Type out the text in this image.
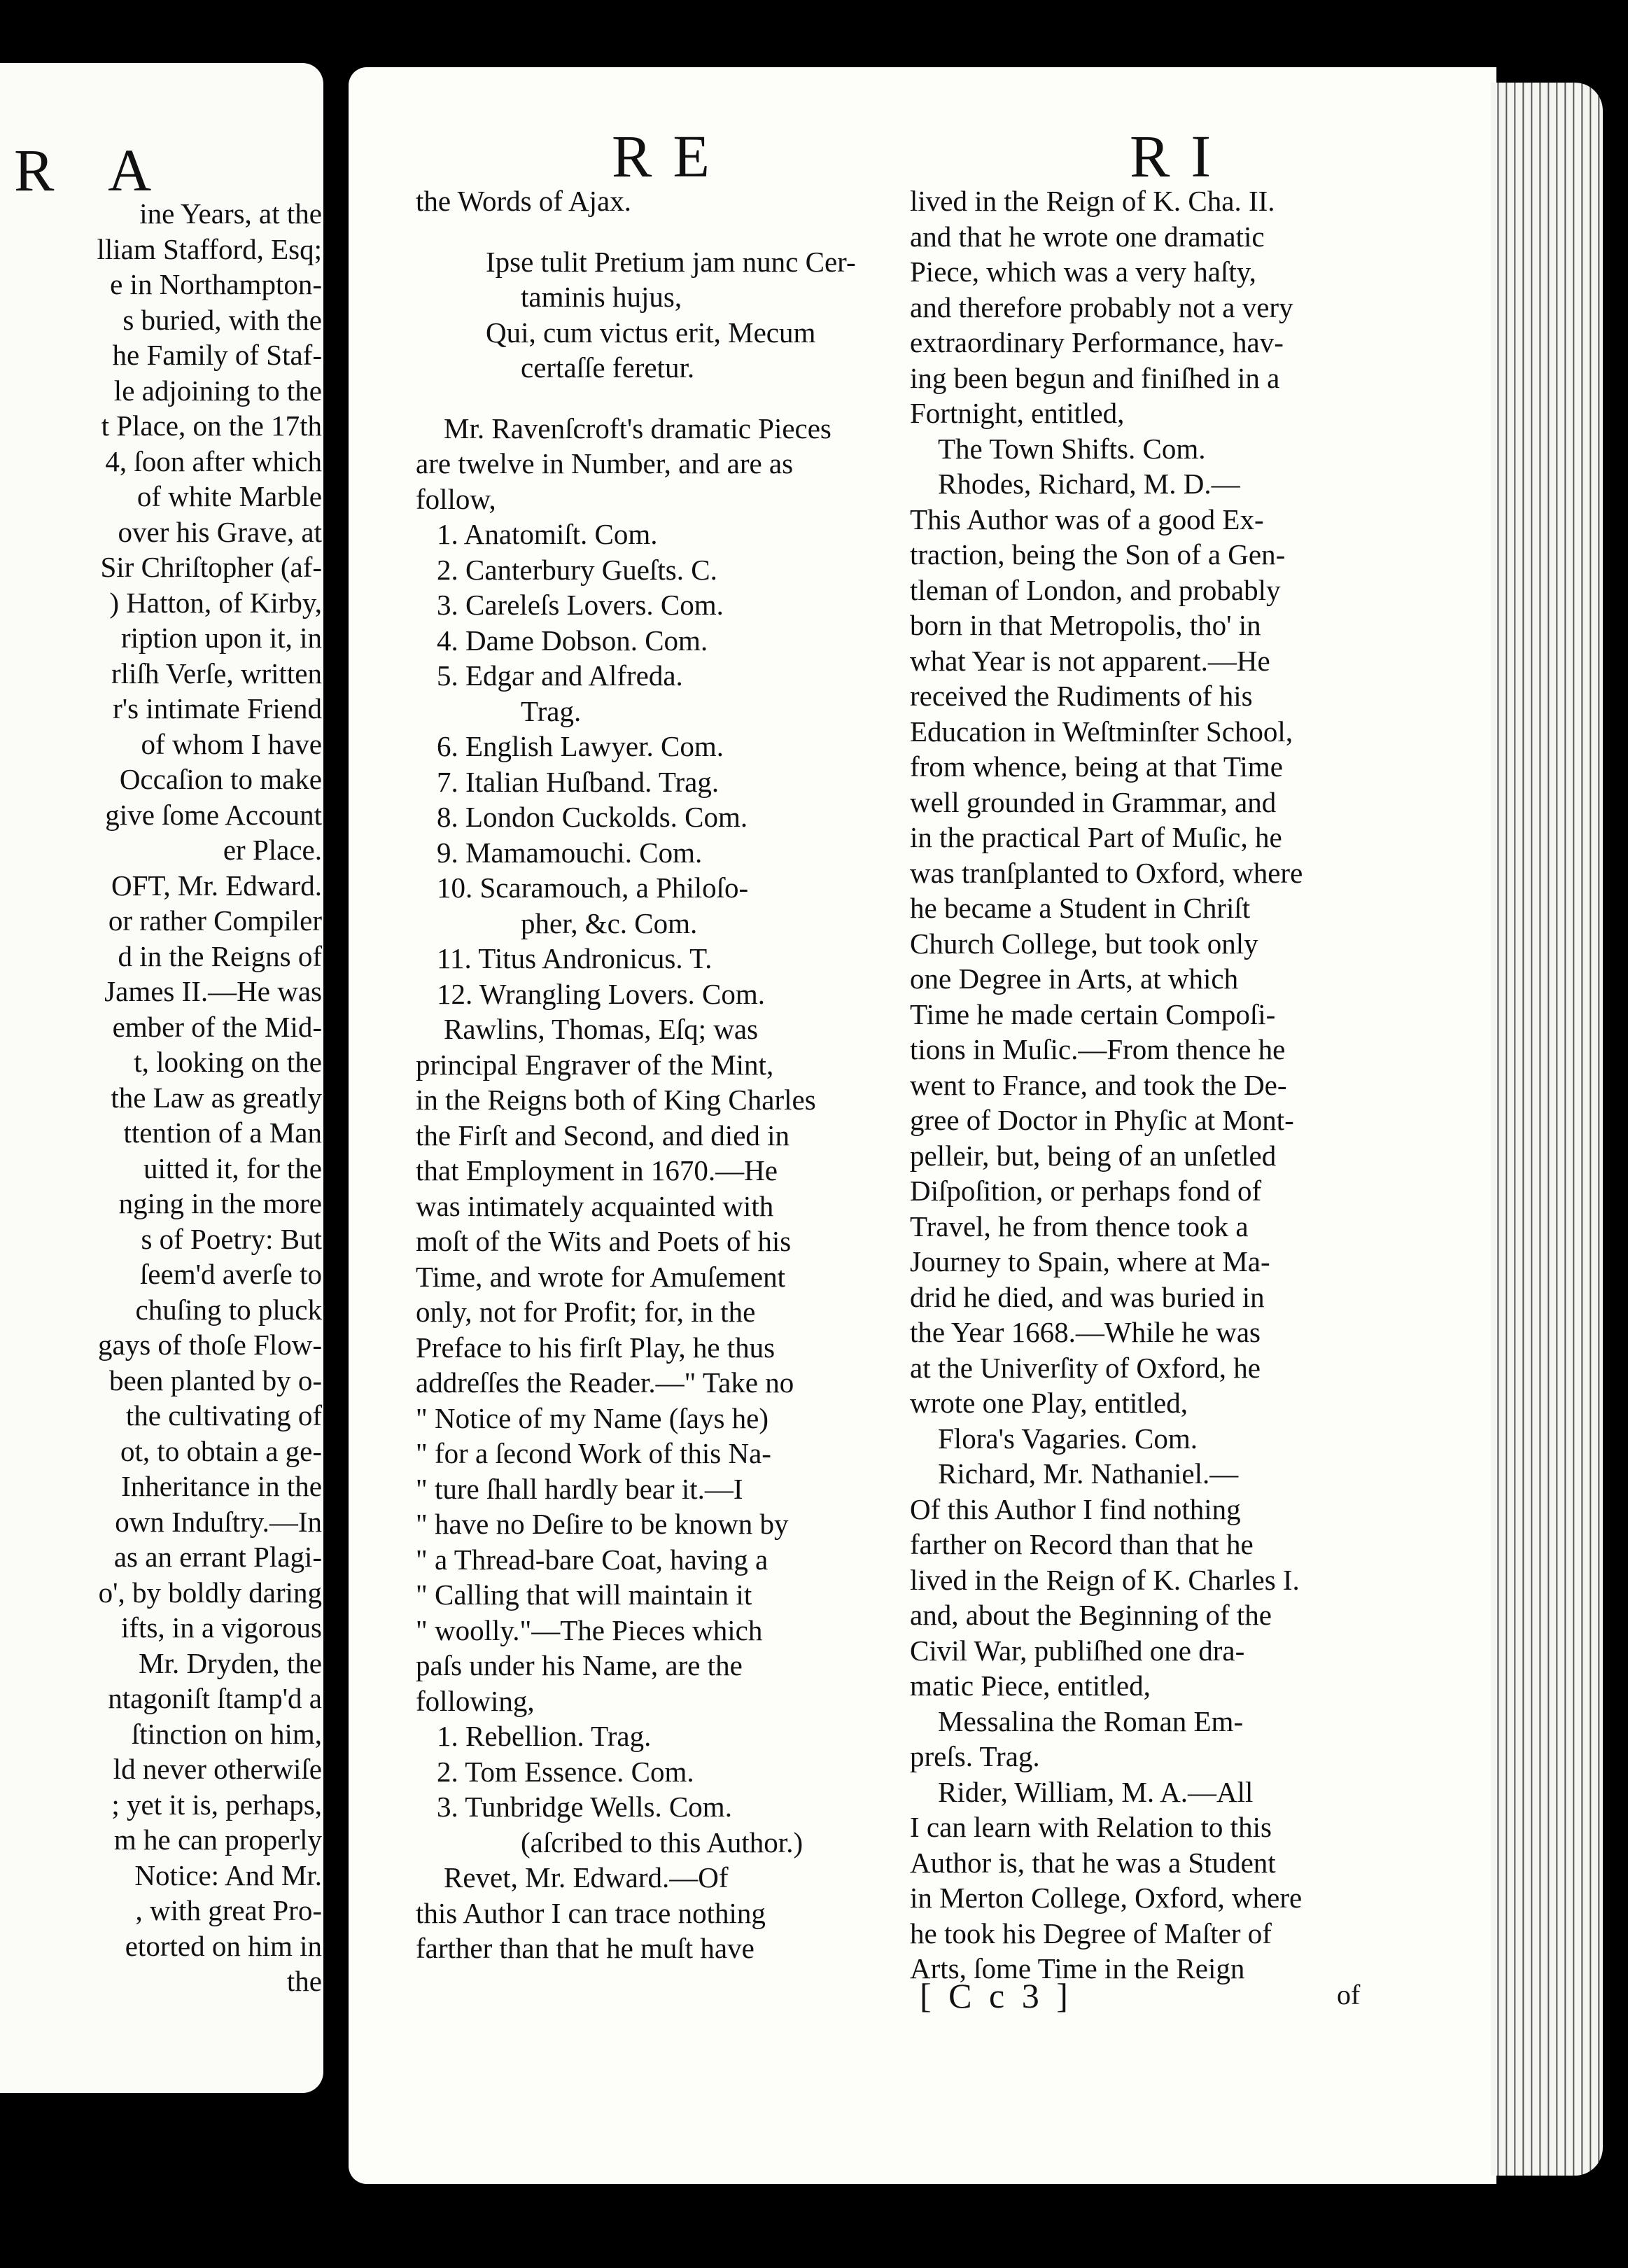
R A

ine Years, at the

lliam Stafford, Esq;

e in Northampton-

s buried, with the

he Family of Staf-

le adjoining to the

t Place, on the 17th

4, ſoon after which

of white Marble

over his Grave, at

Sir Chriſtopher (af-

) Hatton, of Kirby,

ription upon it, in

rliſh Verſe, written

r's intimate Friend

of whom I have

Occaſion to make

give ſome Account

er Place.

OFT, Mr. Edward.

or rather Compiler

d in the Reigns of

James II.—He was

ember of the Mid-

t, looking on the

the Law as greatly

ttention of a Man

uitted it, for the

nging in the more

s of Poetry: But

ſeem'd averſe to

chuſing to pluck

gays of thoſe Flow-

been planted by o-

the cultivating of

ot, to obtain a ge-

Inheritance in the

own Induſtry.—In

as an errant Plagi-

o', by boldly daring

ifts, in a vigorous

Mr. Dryden, the

ntagoniſt ſtamp'd a

ſtinction on him,

ld never otherwiſe

; yet it is, perhaps,

m he can properly

Notice: And Mr.

, with great Pro-

etorted on him in

the

RE	RI

the Words of Ajax.

Ipse tulit Pretium jam nunc Cer-

taminis hujus,

Qui, cum victus erit, Mecum

certaſſe feretur.

Mr. Ravenſcroft's dramatic Pieces

are twelve in Number, and are as

follow,

1. Anatomiſt. Com.

2. Canterbury Gueſts. C.

3. Careleſs Lovers. Com.

4. Dame Dobson. Com.

5. Edgar and Alfreda.

Trag.

6. English Lawyer. Com.

7. Italian Huſband. Trag.

8. London Cuckolds. Com.

9. Mamamouchi. Com.

10. Scaramouch, a Philoſo-

pher, &c. Com.

11. Titus Andronicus. T.

12. Wrangling Lovers. Com.

Rawlins, Thomas, Eſq; was

principal Engraver of the Mint,

in the Reigns both of King Charles

the Firſt and Second, and died in

that Employment in 1670.—He

was intimately acquainted with

moſt of the Wits and Poets of his

Time, and wrote for Amuſement

only, not for Profit; for, in the

Preface to his firſt Play, he thus

addreſſes the Reader.—" Take no

" Notice of my Name (ſays he)

" for a ſecond Work of this Na-

" ture ſhall hardly bear it.—I

" have no Deſire to be known by

" a Thread-bare Coat, having a

" Calling that will maintain it

" woolly."—The Pieces which

paſs under his Name, are the

following,

1. Rebellion. Trag.

2. Tom Essence. Com.

3. Tunbridge Wells. Com.

(aſcribed to this Author.)

Revet, Mr. Edward.—Of

this Author I can trace nothing

farther than that he muſt have

lived in the Reign of K. Cha. II.

and that he wrote one dramatic

Piece, which was a very haſty,

and therefore probably not a very

extraordinary Performance, hav-

ing been begun and finiſhed in a

Fortnight, entitled,

The Town Shifts. Com.

Rhodes, Richard, M. D.—

This Author was of a good Ex-

traction, being the Son of a Gen-

tleman of London, and probably

born in that Metropolis, tho' in

what Year is not apparent.—He

received the Rudiments of his

Education in Weſtminſter School,

from whence, being at that Time

well grounded in Grammar, and

in the practical Part of Muſic, he

was tranſplanted to Oxford, where

he became a Student in Chriſt

Church College, but took only

one Degree in Arts, at which

Time he made certain Compoſi-

tions in Muſic.—From thence he

went to France, and took the De-

gree of Doctor in Phyſic at Mont-

pelleir, but, being of an unſetled

Diſpoſition, or perhaps fond of

Travel, he from thence took a

Journey to Spain, where at Ma-

drid he died, and was buried in

the Year 1668.—While he was

at the Univerſity of Oxford, he

wrote one Play, entitled,

Flora's Vagaries. Com.

Richard, Mr. Nathaniel.—

Of this Author I find nothing

farther on Record than that he

lived in the Reign of K. Charles I.

and, about the Beginning of the

Civil War, publiſhed one dra-

matic Piece, entitled,

Messalina the Roman Em-

preſs. Trag.

Rider, William, M. A.—All

I can learn with Relation to this

Author is, that he was a Student

in Merton College, Oxford, where

he took his Degree of Maſter of

Arts, ſome Time in the Reign

[ C c 3 ]	of
